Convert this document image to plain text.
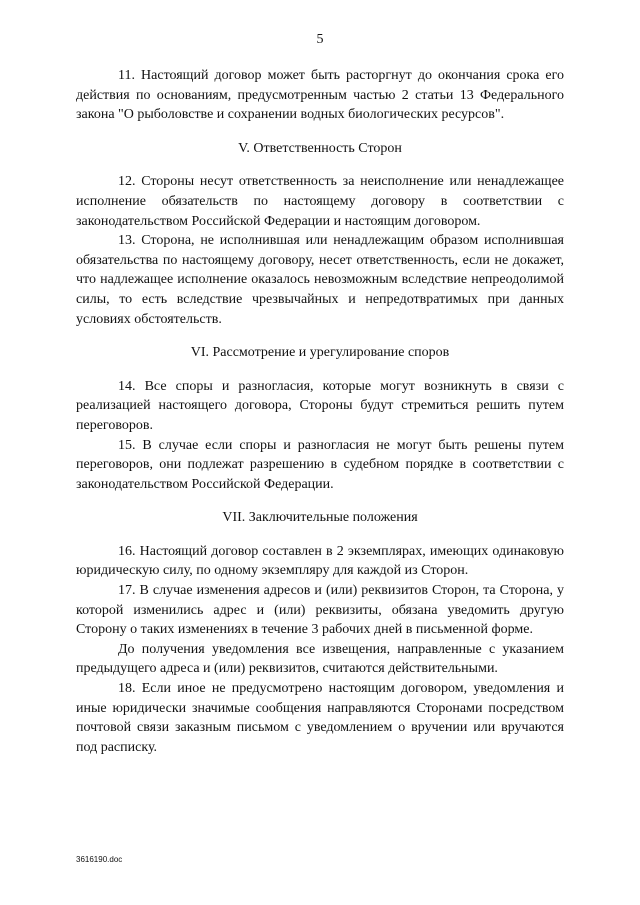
5

11. Настоящий договор может быть расторгнут до окончания срока его действия по основаниям, предусмотренным частью 2 статьи 13 Федерального закона "О рыболовстве и сохранении водных биологических ресурсов".

V. Ответственность Сторон

12. Стороны несут ответственность за неисполнение или ненадлежащее исполнение обязательств по настоящему договору в соответствии с законодательством Российской Федерации и настоящим договором.

13. Сторона, не исполнившая или ненадлежащим образом исполнившая обязательства по настоящему договору, несет ответственность, если не докажет, что надлежащее исполнение оказалось невозможным вследствие непреодолимой силы, то есть вследствие чрезвычайных и непредотвратимых при данных условиях обстоятельств.

VI. Рассмотрение и урегулирование споров

14. Все споры и разногласия, которые могут возникнуть в связи с реализацией настоящего договора, Стороны будут стремиться решить путем переговоров.

15. В случае если споры и разногласия не могут быть решены путем переговоров, они подлежат разрешению в судебном порядке в соответствии с законодательством Российской Федерации.

VII. Заключительные положения

16. Настоящий договор составлен в 2 экземплярах, имеющих одинаковую юридическую силу, по одному экземпляру для каждой из Сторон.

17. В случае изменения адресов и (или) реквизитов Сторон, та Сторона, у которой изменились адрес и (или) реквизиты, обязана уведомить другую Сторону о таких изменениях в течение 3 рабочих дней в письменной форме.

До получения уведомления все извещения, направленные с указанием предыдущего адреса и (или) реквизитов, считаются действительными.

18. Если иное не предусмотрено настоящим договором, уведомления и иные юридически значимые сообщения направляются Сторонами посредством почтовой связи заказным письмом с уведомлением о вручении или вручаются под расписку.

3616190.doc
